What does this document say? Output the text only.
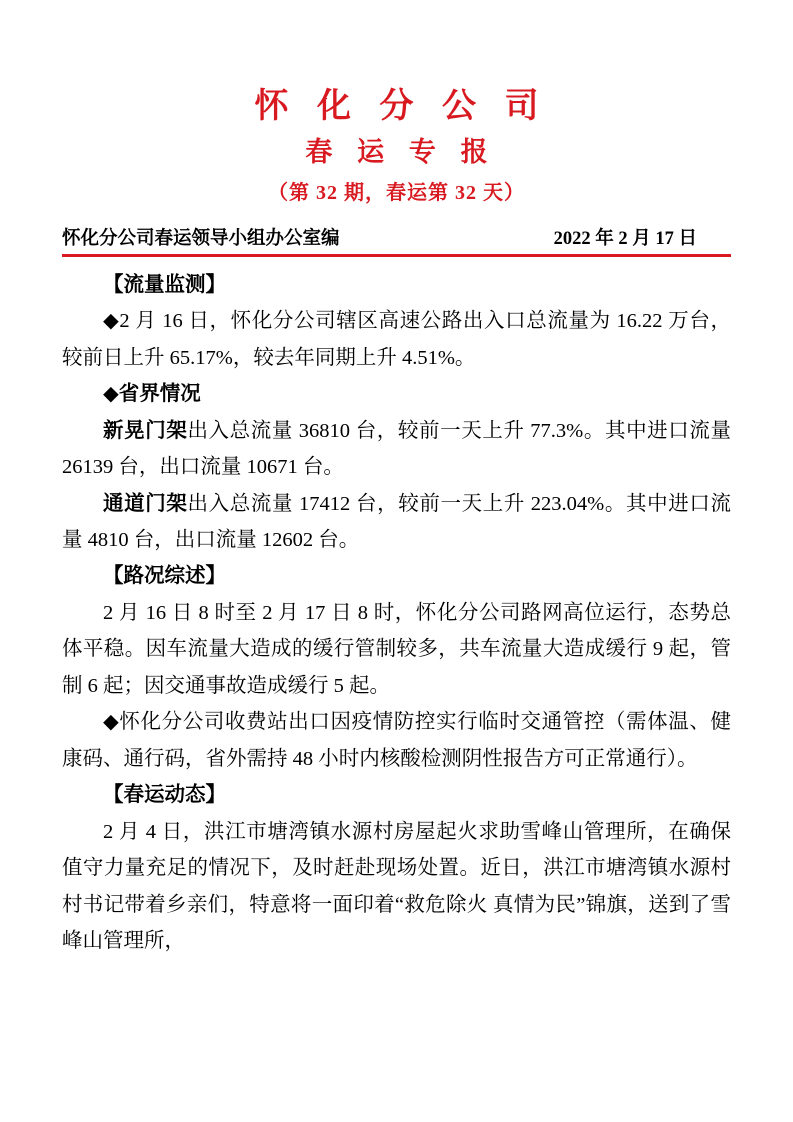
怀 化 分 公 司
春 运 专 报
（第 32 期，春运第 32 天）
怀化分公司春运领导小组办公室编	2022 年 2 月 17 日

【流量监测】

◆2 月 16 日，怀化分公司辖区高速公路出入口总流量为 16.22 万台，较前日上升 65.17%，较去年同期上升 4.51%。

◆省界情况

新晃门架出入总流量 36810 台，较前一天上升 77.3%。其中进口流量 26139 台，出口流量 10671 台。

通道门架出入总流量 17412 台，较前一天上升 223.04%。其中进口流量 4810 台，出口流量 12602 台。

【路况综述】

2 月 16 日 8 时至 2 月 17 日 8 时，怀化分公司路网高位运行，态势总体平稳。因车流量大造成的缓行管制较多，共车流量大造成缓行 9 起，管制 6 起；因交通事故造成缓行 5 起。

◆怀化分公司收费站出口因疫情防控实行临时交通管控（需体温、健康码、通行码，省外需持 48 小时内核酸检测阴性报告方可正常通行）。

【春运动态】

2 月 4 日，洪江市塘湾镇水源村房屋起火求助雪峰山管理所，在确保值守力量充足的情况下，及时赶赴现场处置。近日，洪江市塘湾镇水源村村书记带着乡亲们，特意将一面印着“救危除火 真情为民”锦旗，送到了雪峰山管理所，
